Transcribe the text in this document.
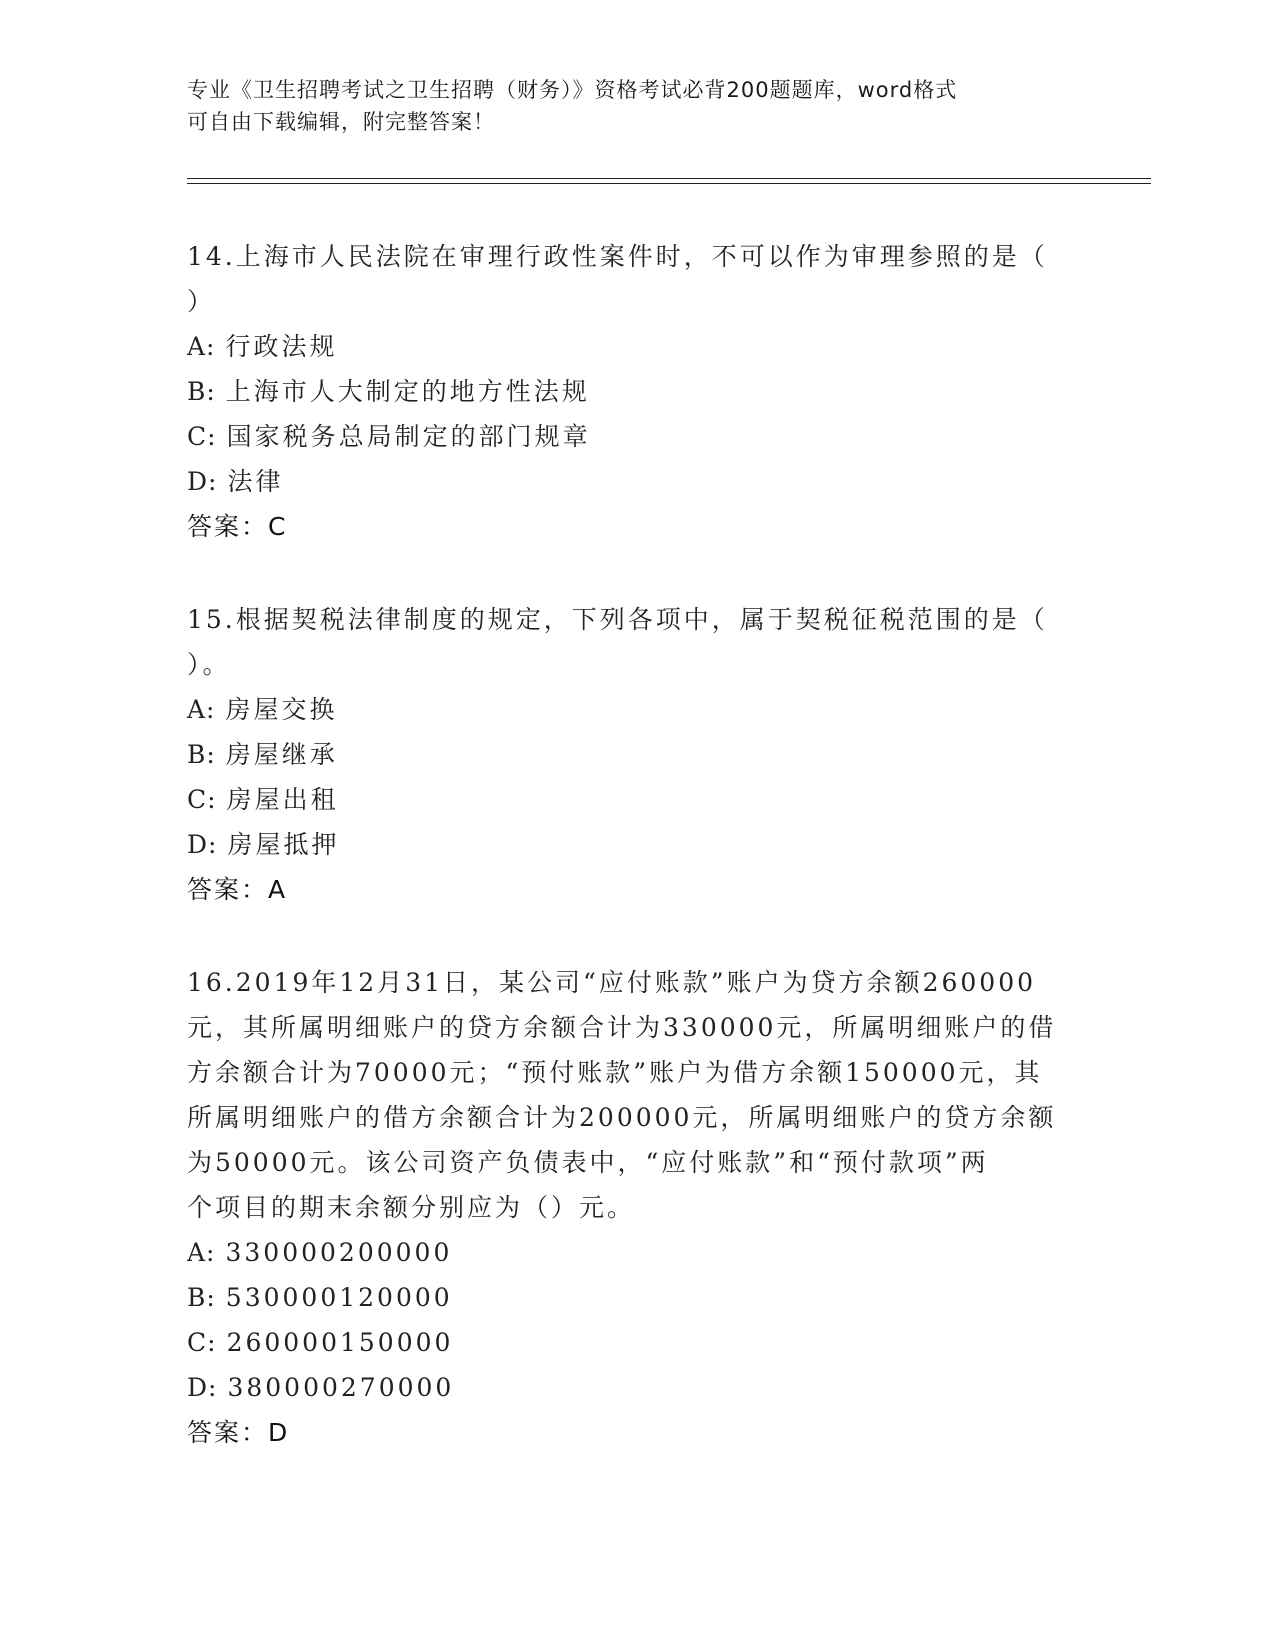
专业《卫生招聘考试之卫生招聘（财务）》资格考试必背200题题库，word格式
可自由下载编辑，附完整答案！
14.上海市人民法院在审理行政性案件时，不可以作为审理参照的是（
）
A: 行政法规
B: 上海市人大制定的地方性法规
C: 国家税务总局制定的部门规章
D: 法律
答案：C
15.根据契税法律制度的规定，下列各项中，属于契税征税范围的是（
）。
A: 房屋交换
B: 房屋继承
C: 房屋出租
D: 房屋抵押
答案：A
16.2019年12月31日，某公司“应付账款”账户为贷方余额260000
元，其所属明细账户的贷方余额合计为330000元，所属明细账户的借
方余额合计为70000元；“预付账款”账户为借方余额150000元，其
所属明细账户的借方余额合计为200000元，所属明细账户的贷方余额
为50000元。该公司资产负债表中，“应付账款”和“预付款项”两
个项目的期末余额分别应为（）元。
A: 330000200000
B: 530000120000
C: 260000150000
D: 380000270000
答案：D
